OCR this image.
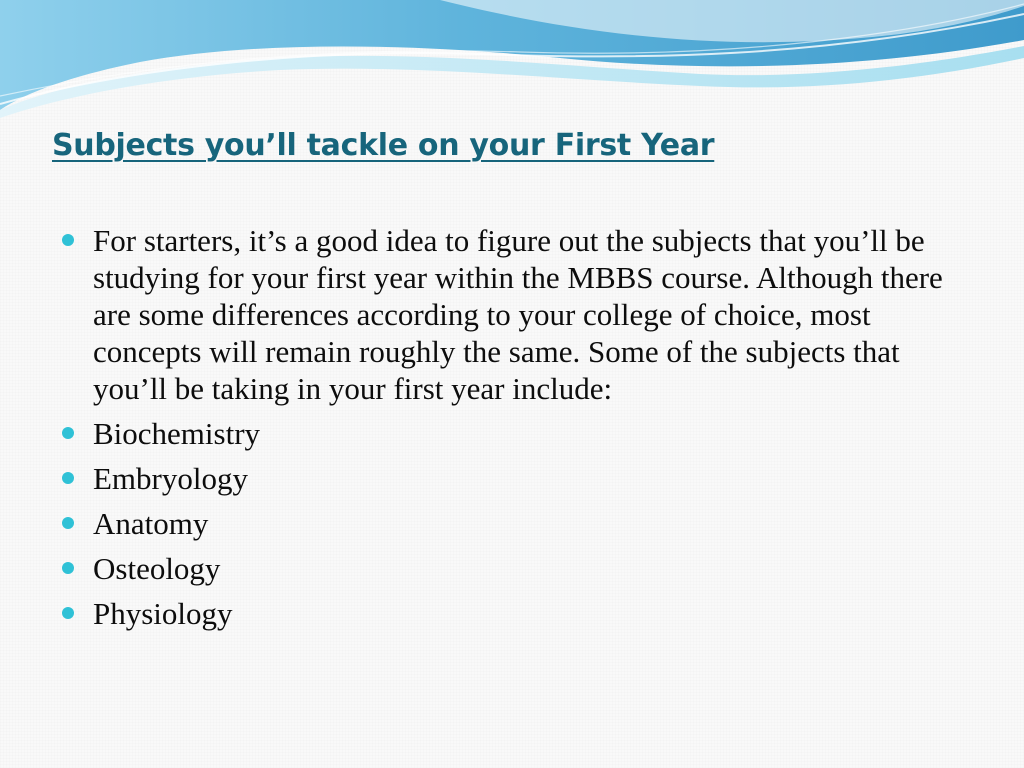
Subjects you’ll tackle on your First Year
For starters, it’s a good idea to figure out the subjects that you’ll be studying for your first year within the MBBS course. Although there are some differences according to your college of choice, most concepts will remain roughly the same. Some of the subjects that you’ll be taking in your first year include:
Biochemistry
Embryology
Anatomy
Osteology
Physiology
